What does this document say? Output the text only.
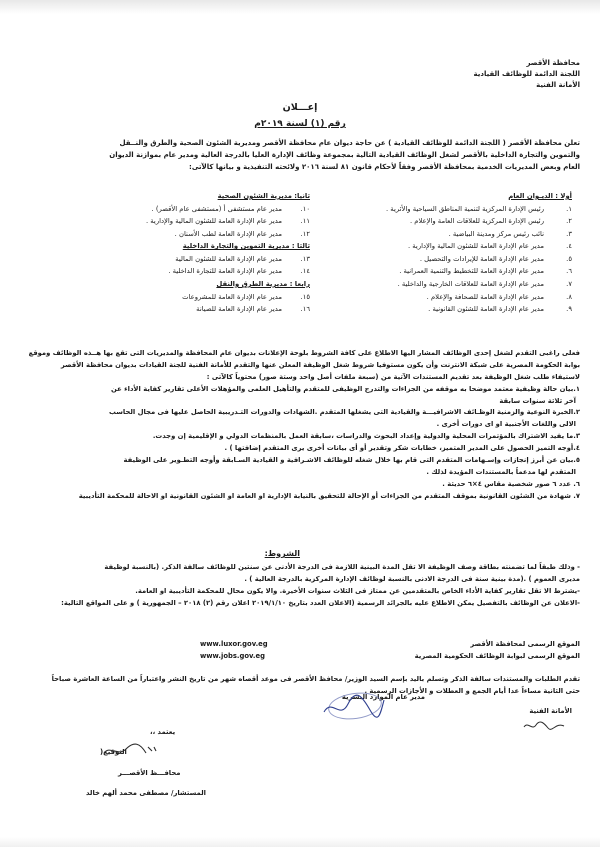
محافظة الأقصر
اللجنة الدائمة للوظائف القيادية
الأمانة الفنية
إعـــلان
رقم (١) لسنة ٢٠١٩م
تعلن محافظة الأقصر ( اللجنة الدائمة للوظائف القيادية ) عن حاجة ديوان عام محافظة الأقصر ومديرية الشئون الصحية والطرق والنــقل
والتموين والتجارة الداخلية بالأقصر لشغل الوظائف القيادية التالية بمجموعة وظائف الإدارة العليا بالدرجة العالية ومدير عام بموازنة الديوان
العام وبعض المديريات الخدمية بمحافظة الأقصر وفقاً لأحكام قانون ٨١ لسنة ٢٠١٦ ولائحته التنفيذية و بيانها كالآتى:
أولا : الديـوان العام
١.
رئيس الإدارة المركزية لتنمية المناطق السياحية والأثرية .
٢.
رئيس الإدارة المركزية للعلاقات العامة والإعلام .
٣.
نائب رئيس مركز ومدينة البياضية .
٤.
مدير عام الإدارة العامة للشئون المالية والإدارية .
٥.
مدير عام الإدارة العامة للإيرادات والتحصيل .
٦.
مدير عام الإدارة العامة للتخطيط والتنمية العمرانية .
٧.
مدير عام الإدارة العامة للعلاقات الخارجية والداخلية .
٨.
مدير عام الإدارة العامة للصحافة والإعلام .
٩.
مدير عام الإدارة العامة للشئون القانونية .
ثانيا: مديرية الشئون الصحية
١٠.
مدير عام مستشفى أ (مستشفى عام الأقصر) .
١١.
مدير عام الإدارة العامة للشئون المالية والإدارية .
١٢.
مدير عام الإدارة العامة لطب الأسنان .
ثالثا : مديرية التموين والتجارة الداخلية
١٣.
مدير عام الإدارة العامة للشئون المالية
١٤.
مدير عام الإدارة العامة للتجارة الداخلية .
رابعا : مديرية الطرق والنقل
١٥.
مدير عام الإدارة العامة للمشروعات
١٦.
مدير عام الإدارة العامة للصيانة
فعلى راغبى التقدم لشغل إحدى الوظائف المشار اليها الاطلاع على كافة الشروط بلوحة الإعلانات بديوان عام المحافظة والمديريات التى تقع بها هــذه الوظائف وموقع
بوابة الحكومة المصرية على شبكة الانترنت وأن يكون مستوفيا شروط شغل الوظيفة المعلن عنها والتقدم للأمانة الفنية للجنة القيادات بديوان محافظة الأقصر
لاستيفاء طلب شغل الوظيفة بعد تقديم المستندات الآتية من (سبعة ملفات أصل واحد وستة صور) محتوياً كالآتى :
١.بيان حالة وظيفية معتمد موضحا به موقفه من الجزاءات والتدرج الوظيفى للمتقدم والتأهيل العلمى والمؤهلات الأعلى تقارير كفاية الأداء عن
آخر ثلاثة سنوات سابقة
٢.الخبرة النوعية والزمنية الوظـائف الاشرافيـــة والقيادية التى يشغلها المتقدم .الشهادات والدورات التـدريبية الحاصل عليها فى مجال الحاسب
الالى واللغات الأجنبية او اى دورات أخرى .
٣.ما يفيد الاشتراك بالمؤتمرات المحلية والدولية وإعداد البحوث والدراسات ،سابقة العمل بالمنظمات الدولي و الإقليمية إن وجدت.
٤.أوجه التميز الحصول على المدير المتميز، خطابات شكر وتقدير أو أى بيانات أخرى يرى المتقدم إضافتها ) .
٥.بيان عن أبرز إنجازات وإسـهامات المتقدم التى قام بها خلال شغله للوظائف الاشـرافية و القيادية السـابقة وأوجه التطـوير على الوظيفة
المتقدم لها مدعماً بالمستندات المؤيدة لذلك .
٦. عدد ٦ صور شخصية مقاس ٤×٦ حديثة .
٧. شهادة من الشئون القانونية بموقف المتقدم من الجزاءات أو الإحالة للتحقيق بالنيابة الإدارية او العامة او الشئون القانونية او الاحالة للمحكمة التأديبية
الشروط:
- وذلك طبقاً لما تضمنته بطاقة وصف الوظيفة الا تقل المدة البينية اللازمة فى الدرجة الأدنى عن سنتين للوظائف سالفة الذكر. (بالنسبة لوظيفة
مديرى العموم ) .(مدة بينية سنة فى الدرجة الادنى بالنسبة لوظائف الإدارة المركزية بالدرجة العالية ) .
-يشترط الا تقل تقارير كفاية الأداء الخاص بالمتقدمين عن ممتاز فى الثلاث سنوات الأخيرة. والا يكون محال للمحكمة التأديبية او العامة.
-الاعلان عن الوظائف بالتفصيل يمكن الاطلاع عليه بالجرائد الرسمية (الاعلان العدد بتاريخ ٢٠١٩/١/١٠ اعلان رقم (٢) ٢٠١٨ – الجمهورية ) و على المواقع التالية:
الموقع الرسمى لمحافظة الأقصر
www.luxor.gov.eg
الموقع الرسمى لبوابة الوظائف الحكومية المصرية
www.jobs.gov.eg
تقدم الطلبات والمستندات سالفة الذكر وتسلم باليد بإسم السيد الوزير/ محافظ الأقصر فى موعد أقصاه شهر من تاريخ النشر واعتباراً من الساعة العاشرة صباحاً
حتى الثانية مساءاً عدا أيام الجمع و العطلات و الأجازات الرسمية .
الأمانة الفنية
مدير عام الموارد البشرية
يعتمد ،،
التوقيع(
محافـــظ الأقصـــر
المستشار/ مصطفى محمد ألهم خالد
